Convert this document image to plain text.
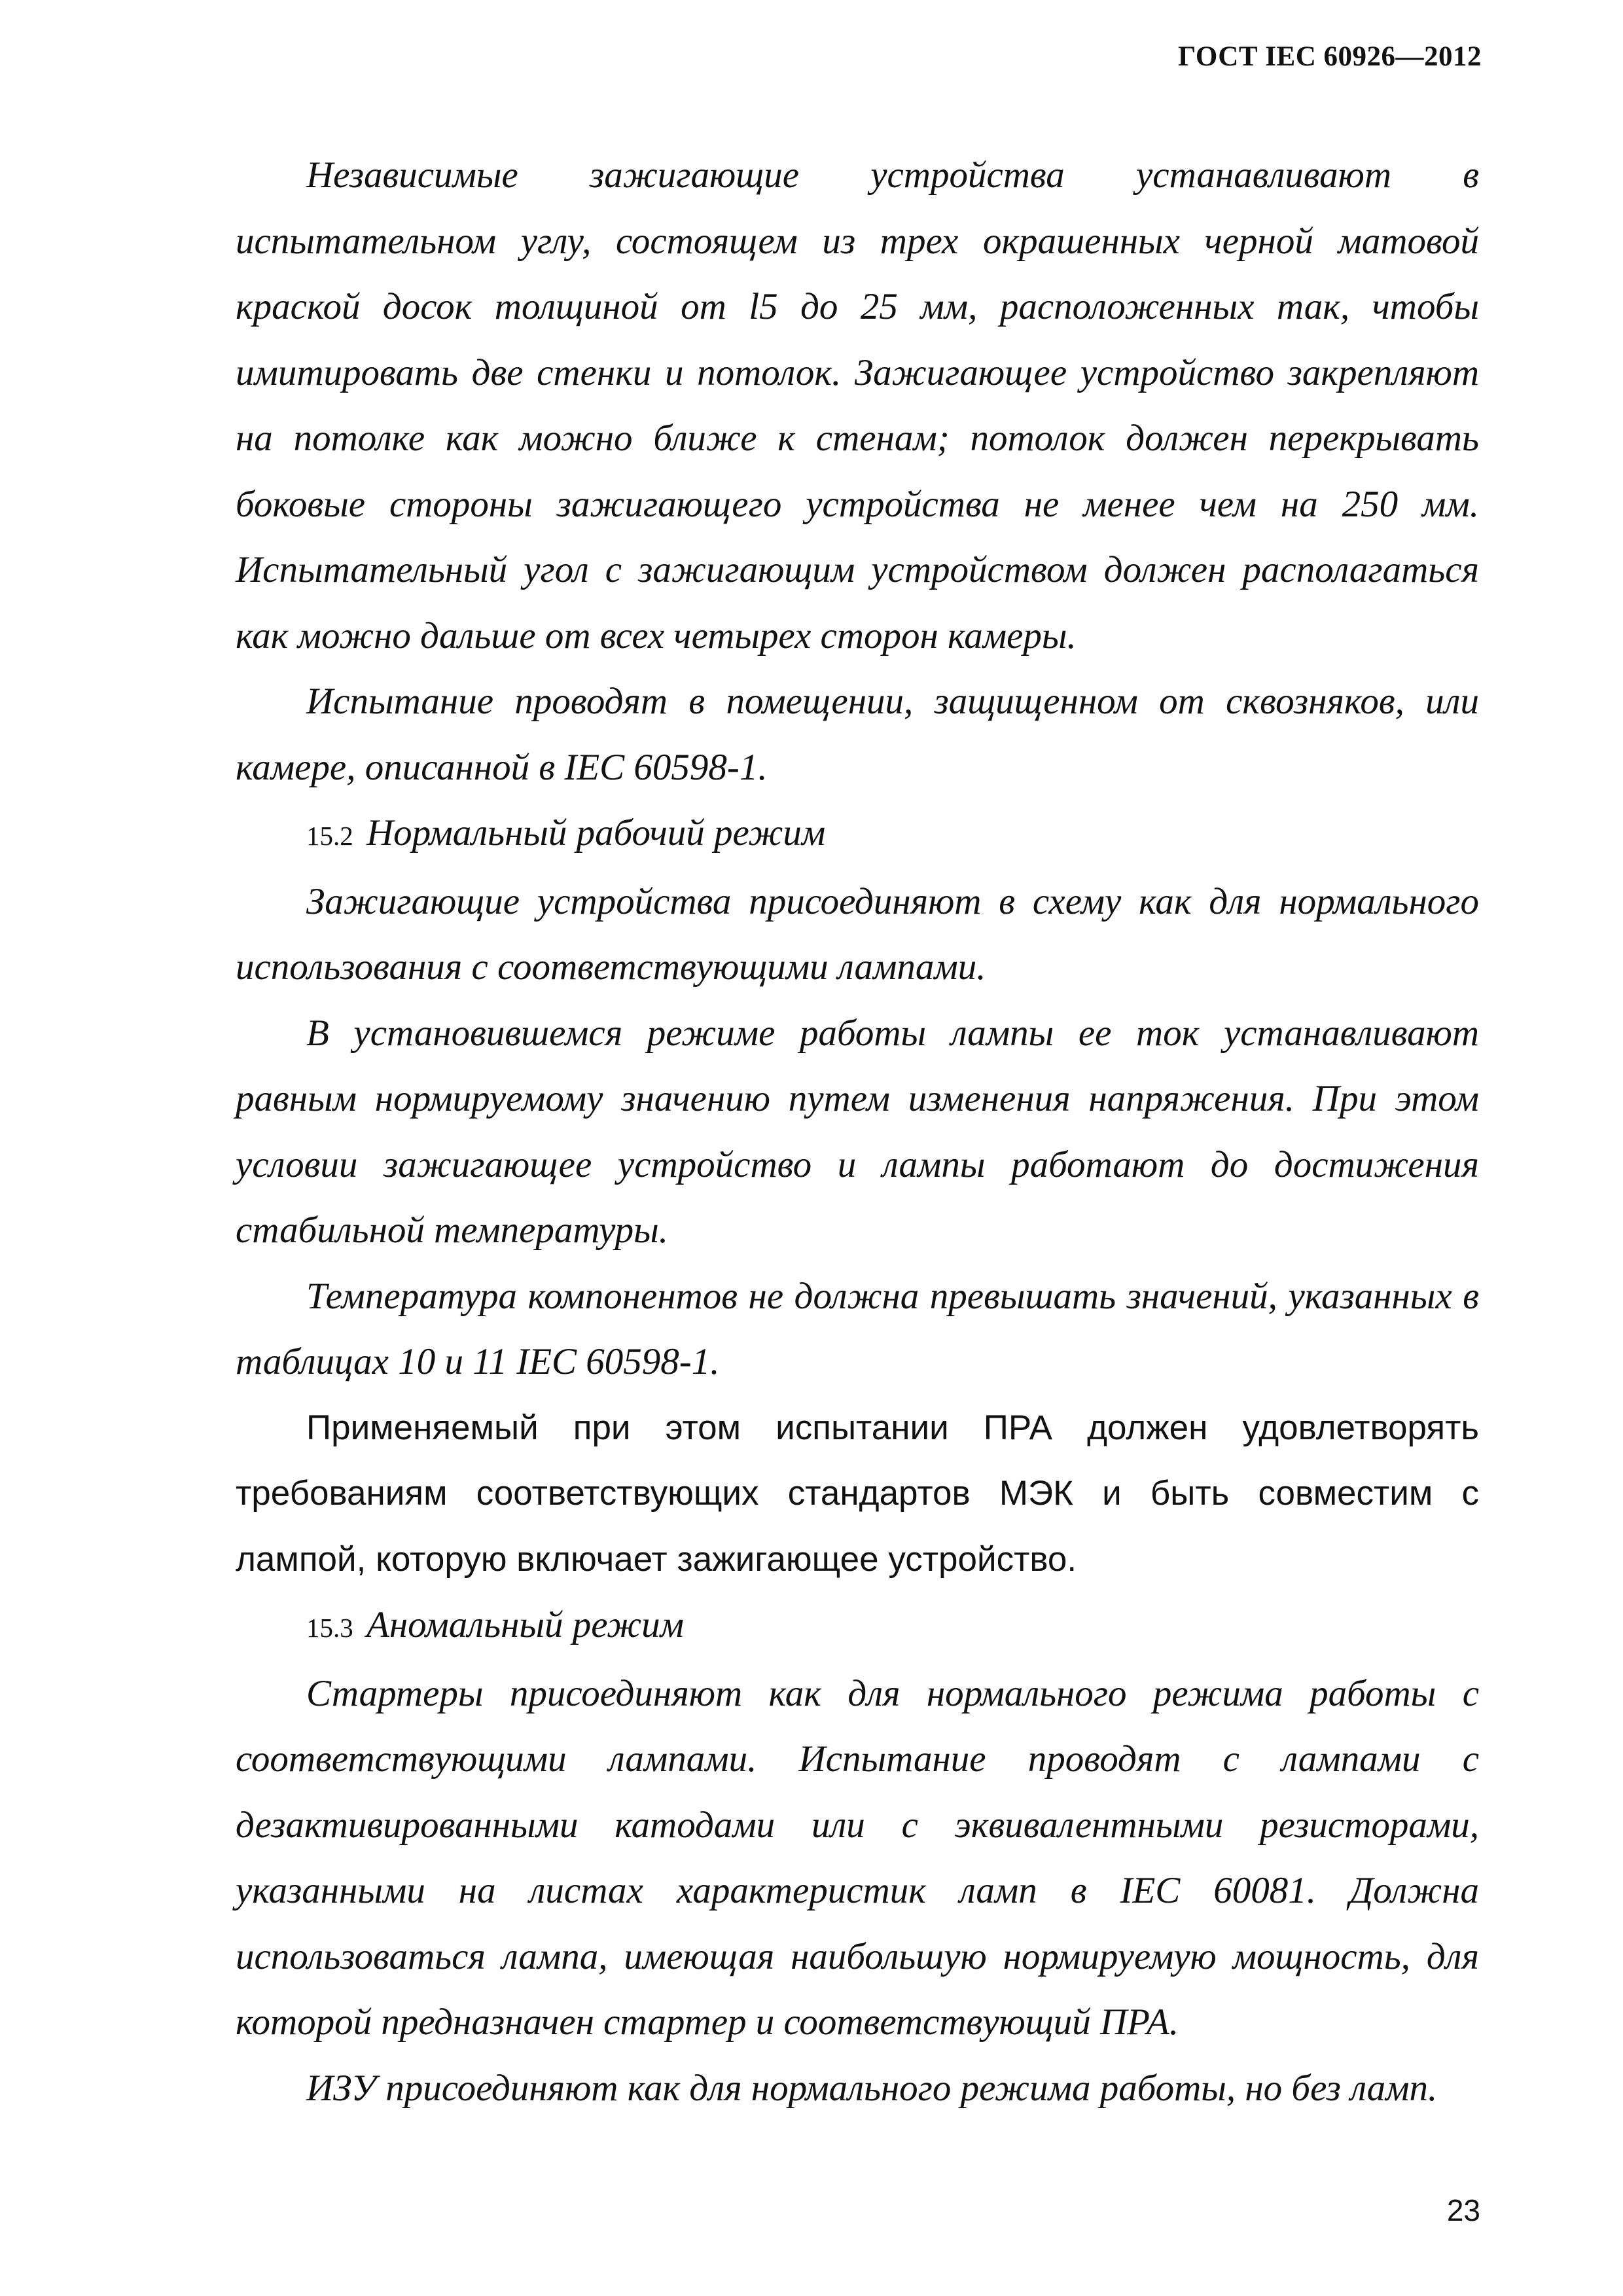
ГОСТ IEC 60926—2012

Независимые зажигающие устройства устанавливают в испытательном углу, состоящем из трех окрашенных черной матовой краской досок толщиной от l5 до 25 мм, расположенных так, чтобы имитировать две стенки и потолок. Зажигающее устройство закрепляют на потолке как можно ближе к стенам; потолок должен перекрывать боковые стороны зажигающего устройства не менее чем на 250 мм. Испытательный угол с зажигающим устройством должен располагаться как можно дальше от всех четырех сторон камеры.

Испытание проводят в помещении, защищенном от сквозняков, или камере, описанной в IEC 60598-1.

15.2 Нормальный рабочий режим

Зажигающие устройства присоединяют в схему как для нормального использования с соответствующими лампами.

В установившемся режиме работы лампы ее ток устанавливают равным нормируемому значению путем изменения напряжения. При этом условии зажигающее устройство и лампы работают до достижения стабильной температуры.

Температура компонентов не должна превышать значений, указанных в таблицах 10 и 11 IEC 60598-1.

Применяемый при этом испытании ПРА должен удовлетворять требованиям соответствующих стандартов МЭК и быть совместим с лампой, которую включает зажигающее устройство.

15.3 Аномальный режим

Стартеры присоединяют как для нормального режима работы с соответствующими лампами. Испытание проводят с лампами с дезактивированными катодами или с эквивалентными резисторами, указанными на листах характеристик ламп в IEC 60081. Должна использоваться лампа, имеющая наибольшую нормируемую мощность, для которой предназначен стартер и соответствующий ПРА.

ИЗУ присоединяют как для нормального режима работы, но без ламп.

23
